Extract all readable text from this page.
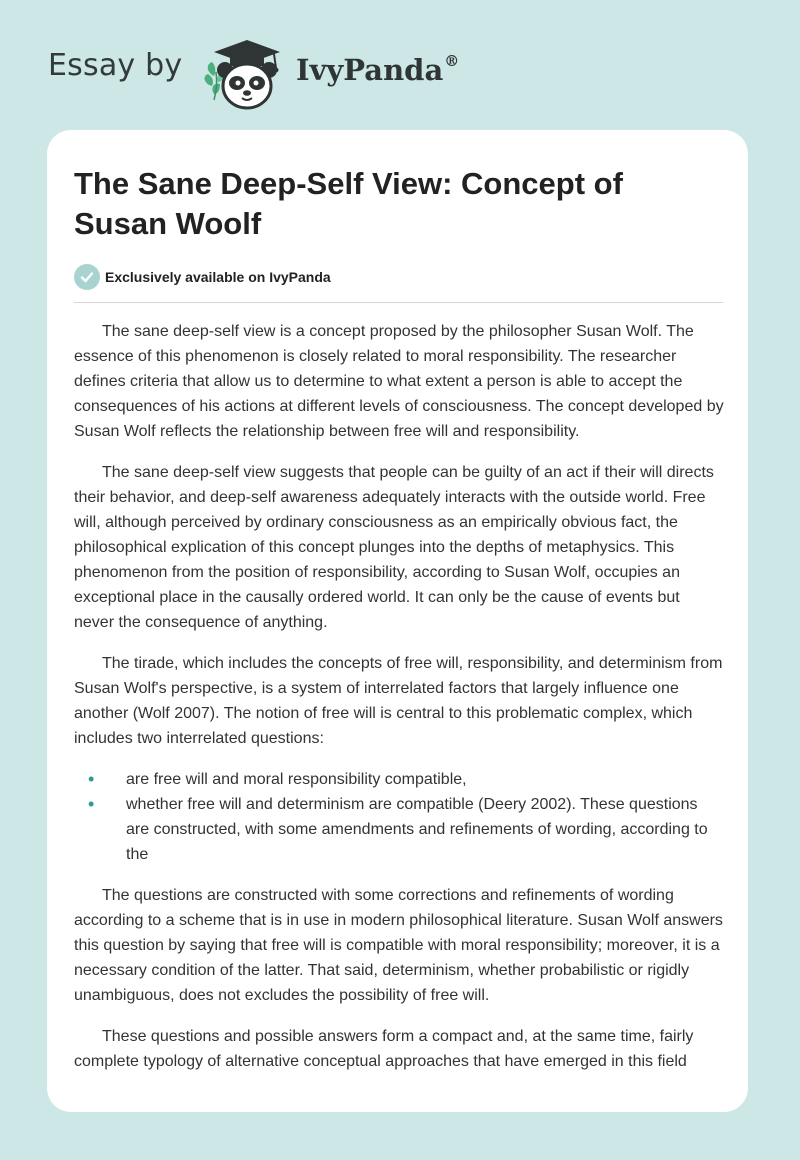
Essay by	IvyPanda®
The Sane Deep-Self View: Concept of Susan Woolf
Exclusively available on IvyPanda

The sane deep-self view is a concept proposed by the philosopher Susan Wolf. The essence of this phenomenon is closely related to moral responsibility. The researcher defines criteria that allow us to determine to what extent a person is able to accept the consequences of his actions at different levels of consciousness. The concept developed by Susan Wolf reflects the relationship between free will and responsibility.

The sane deep-self view suggests that people can be guilty of an act if their will directs their behavior, and deep-self awareness adequately interacts with the outside world. Free will, although perceived by ordinary consciousness as an empirically obvious fact, the philosophical explication of this concept plunges into the depths of metaphysics. This phenomenon from the position of responsibility, according to Susan Wolf, occupies an exceptional place in the causally ordered world. It can only be the cause of events but never the consequence of anything.

The tirade, which includes the concepts of free will, responsibility, and determinism from Susan Wolf's perspective, is a system of interrelated factors that largely influence one another (Wolf 2007). The notion of free will is central to this problematic complex, which includes two interrelated questions:

• are free will and moral responsibility compatible,
• whether free will and determinism are compatible (Deery 2002). These questions are constructed, with some amendments and refinements of wording, according to the

The questions are constructed with some corrections and refinements of wording according to a scheme that is in use in modern philosophical literature. Susan Wolf answers this question by saying that free will is compatible with moral responsibility; moreover, it is a necessary condition of the latter. That said, determinism, whether probabilistic or rigidly unambiguous, does not excludes the possibility of free will.

These questions and possible answers form a compact and, at the same time, fairly complete typology of alternative conceptual approaches that have emerged in this field
